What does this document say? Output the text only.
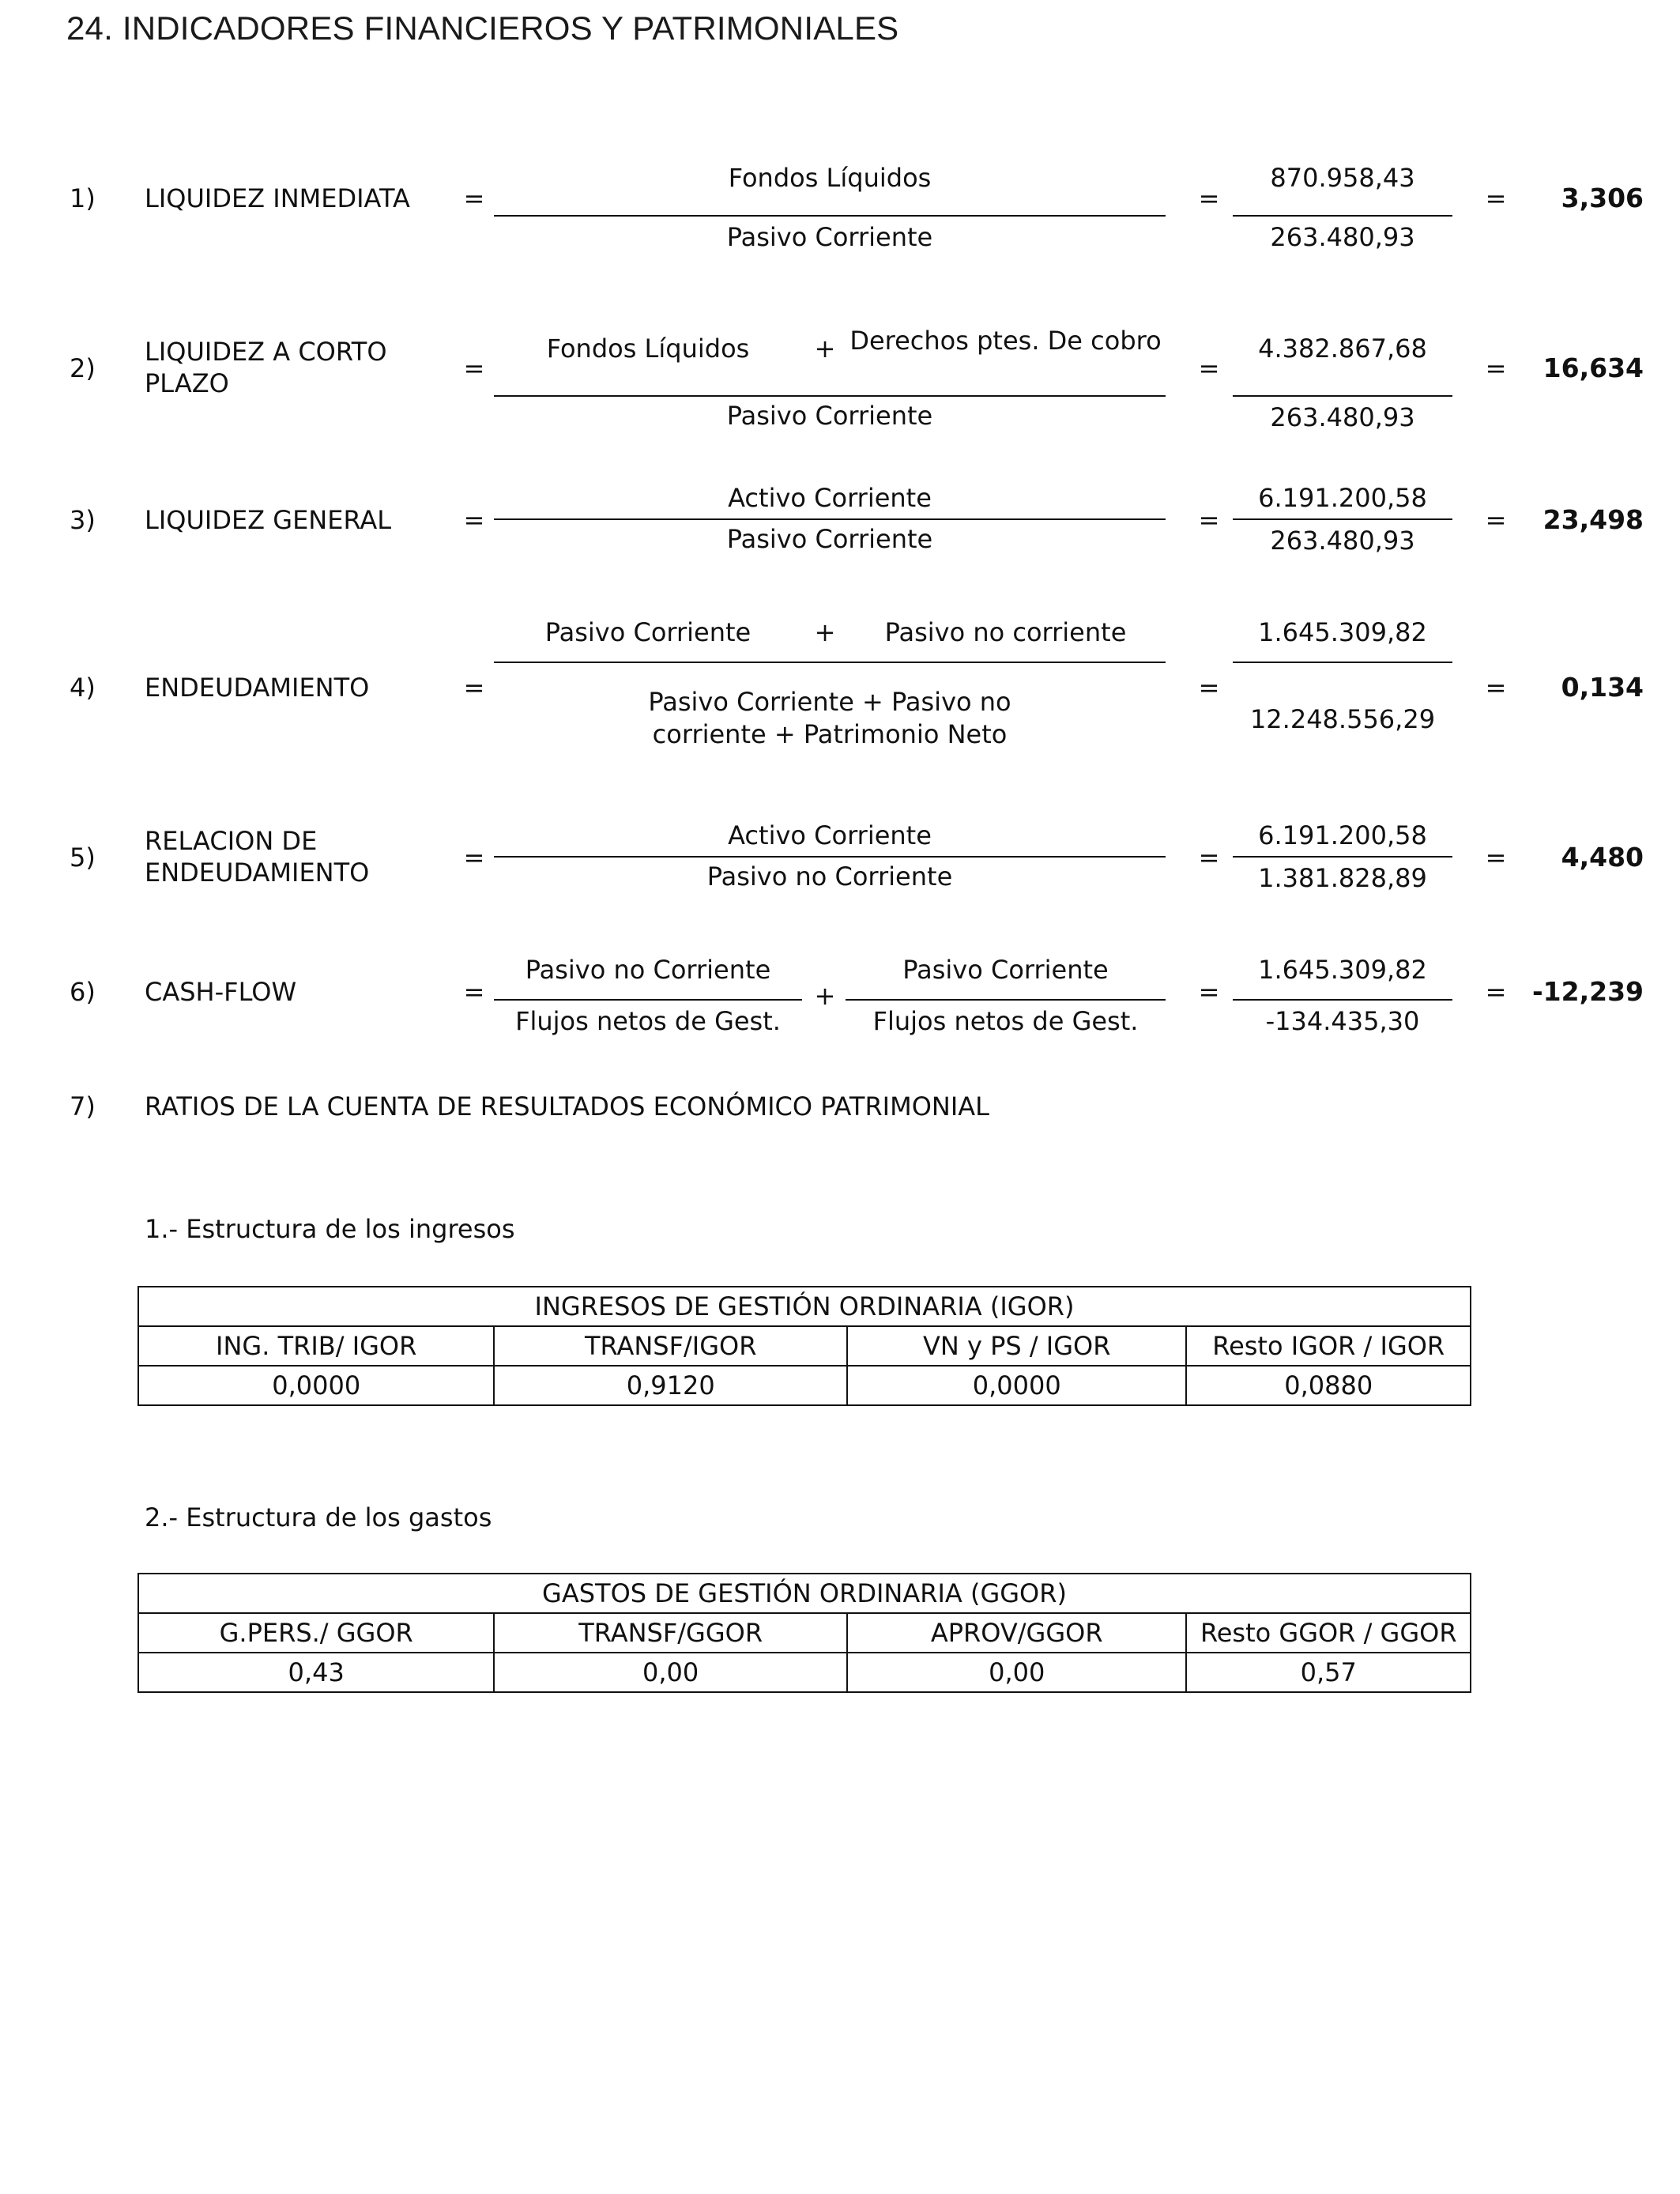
24. INDICADORES FINANCIEROS Y PATRIMONIALES
1) LIQUIDEZ INMEDIATA =
Fondos Líquidos
Pasivo Corriente
=
870.958,43
263.480,93
=	3,306
2)
LIQUIDEZ A CORTO PLAZO	=
Fondos Líquidos	+ Derechos ptes. De cobro
Pasivo Corriente
=
4.382.867,68
263.480,93
=	16,634
3) LIQUIDEZ GENERAL	=
Activo Corriente
Pasivo Corriente
=
6.191.200,58
263.480,93
=	23,498
4) ENDEUDAMIENTO	=
Pasivo Corriente	+	Pasivo no corriente
Pasivo Corriente + Pasivo no corriente + Patrimonio Neto
=
1.645.309,82
12.248.556,29
=	0,134
5)
RELACION DE ENDEUDAMIENTO	=
Activo Corriente
Pasivo no Corriente
=
6.191.200,58
1.381.828,89
=	4,480
6) CASH-FLOW	=
Pasivo no Corriente
Flujos netos de Gest.
+
Pasivo Corriente
Flujos netos de Gest.
=
1.645.309,82
-134.435,30
= -12,239
7) RATIOS DE LA CUENTA DE RESULTADOS ECONÓMICO PATRIMONIAL
1.- Estructura de los ingresos
INGRESOS DE GESTIÓN ORDINARIA (IGOR)			
ING. TRIB/ IGOR	TRANSF/IGOR	VN y PS / IGOR	Resto IGOR / IGOR
0,0000	0,9120	0,0000	0,0880
2.- Estructura de los gastos
GASTOS DE GESTIÓN ORDINARIA (GGOR)			
G.PERS./ GGOR	TRANSF/GGOR	APROV/GGOR	Resto GGOR / GGOR
0,43	0,00	0,00	0,57
